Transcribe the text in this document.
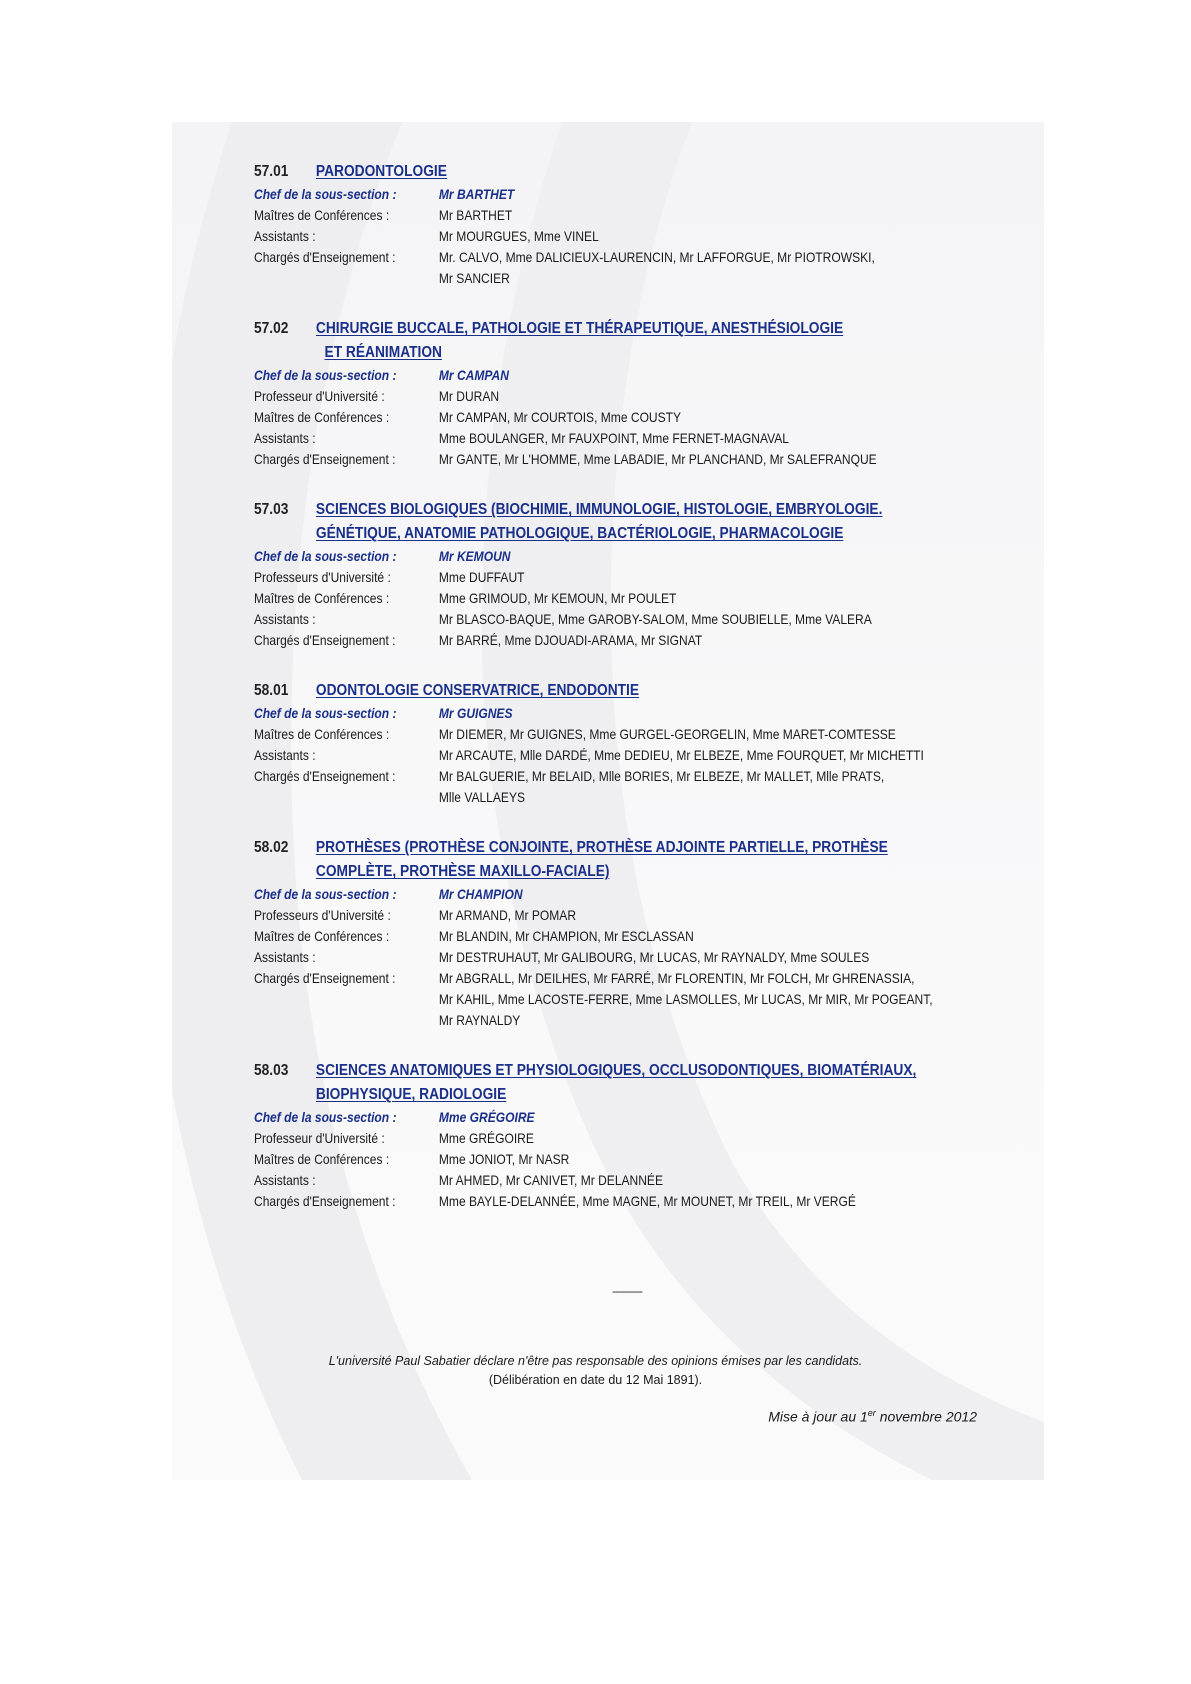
57.01	PARODONTOLOGIE
Chef de la sous-section :	Mr BARTHET
Maîtres de Conférences :	Mr BARTHET
Assistants :	Mr MOURGUES, Mme VINEL
Chargés d'Enseignement :	Mr. CALVO, Mme DALICIEUX-LAURENCIN, Mr LAFFORGUE, Mr PIOTROWSKI,
Mr SANCIER
57.02	CHIRURGIE BUCCALE, PATHOLOGIE ET THÉRAPEUTIQUE, ANESTHÉSIOLOGIE
ET RÉANIMATION
Chef de la sous-section :	Mr CAMPAN
Professeur d'Université :	Mr DURAN
Maîtres de Conférences :	Mr CAMPAN, Mr COURTOIS, Mme COUSTY
Assistants :	Mme BOULANGER, Mr FAUXPOINT, Mme FERNET-MAGNAVAL
Chargés d'Enseignement :	Mr GANTE, Mr L'HOMME, Mme LABADIE, Mr PLANCHAND, Mr SALEFRANQUE
57.03	SCIENCES BIOLOGIQUES (BIOCHIMIE, IMMUNOLOGIE, HISTOLOGIE, EMBRYOLOGIE.
GÉNÉTIQUE, ANATOMIE PATHOLOGIQUE, BACTÉRIOLOGIE, PHARMACOLOGIE
Chef de la sous-section :	Mr KEMOUN
Professeurs d'Université :	Mme DUFFAUT
Maîtres de Conférences :	Mme GRIMOUD, Mr KEMOUN, Mr POULET
Assistants :	Mr BLASCO-BAQUE, Mme GAROBY-SALOM, Mme SOUBIELLE, Mme VALERA
Chargés d'Enseignement :	Mr BARRÉ, Mme DJOUADI-ARAMA, Mr SIGNAT
58.01	ODONTOLOGIE CONSERVATRICE, ENDODONTIE
Chef de la sous-section :	Mr GUIGNES
Maîtres de Conférences :	Mr DIEMER, Mr GUIGNES, Mme GURGEL-GEORGELIN, Mme MARET-COMTESSE
Assistants :	Mr ARCAUTE, Mlle DARDÉ, Mme DEDIEU, Mr ELBEZE, Mme FOURQUET, Mr MICHETTI
Chargés d'Enseignement :	Mr BALGUERIE, Mr BELAID, Mlle BORIES, Mr ELBEZE, Mr MALLET, Mlle PRATS,
Mlle VALLAEYS
58.02	PROTHÈSES (PROTHÈSE CONJOINTE, PROTHÈSE ADJOINTE PARTIELLE, PROTHÈSE
COMPLÈTE, PROTHÈSE MAXILLO-FACIALE)
Chef de la sous-section :	Mr CHAMPION
Professeurs d'Université :	Mr ARMAND, Mr POMAR
Maîtres de Conférences :	Mr BLANDIN, Mr CHAMPION, Mr ESCLASSAN
Assistants :	Mr DESTRUHAUT, Mr GALIBOURG, Mr LUCAS, Mr RAYNALDY, Mme SOULES
Chargés d'Enseignement :	Mr ABGRALL, Mr DEILHES, Mr FARRÉ, Mr FLORENTIN, Mr FOLCH, Mr GHRENASSIA,
Mr KAHIL, Mme LACOSTE-FERRE, Mme LASMOLLES, Mr LUCAS, Mr MIR, Mr POGEANT,
Mr RAYNALDY
58.03	SCIENCES ANATOMIQUES ET PHYSIOLOGIQUES, OCCLUSODONTIQUES, BIOMATÉRIAUX,
BIOPHYSIQUE, RADIOLOGIE
Chef de la sous-section :	Mme GRÉGOIRE
Professeur d'Université :	Mme GRÉGOIRE
Maîtres de Conférences :	Mme JONIOT, Mr NASR
Assistants :	Mr AHMED, Mr CANIVET, Mr DELANNÉE
Chargés d'Enseignement :	Mme BAYLE-DELANNÉE, Mme MAGNE, Mr MOUNET, Mr TREIL, Mr VERGÉ
----------
L'université Paul Sabatier déclare n'être pas responsable des opinions émises par les candidats.
(Délibération en date du 12 Mai 1891).
Mise à jour au 1er novembre 2012
